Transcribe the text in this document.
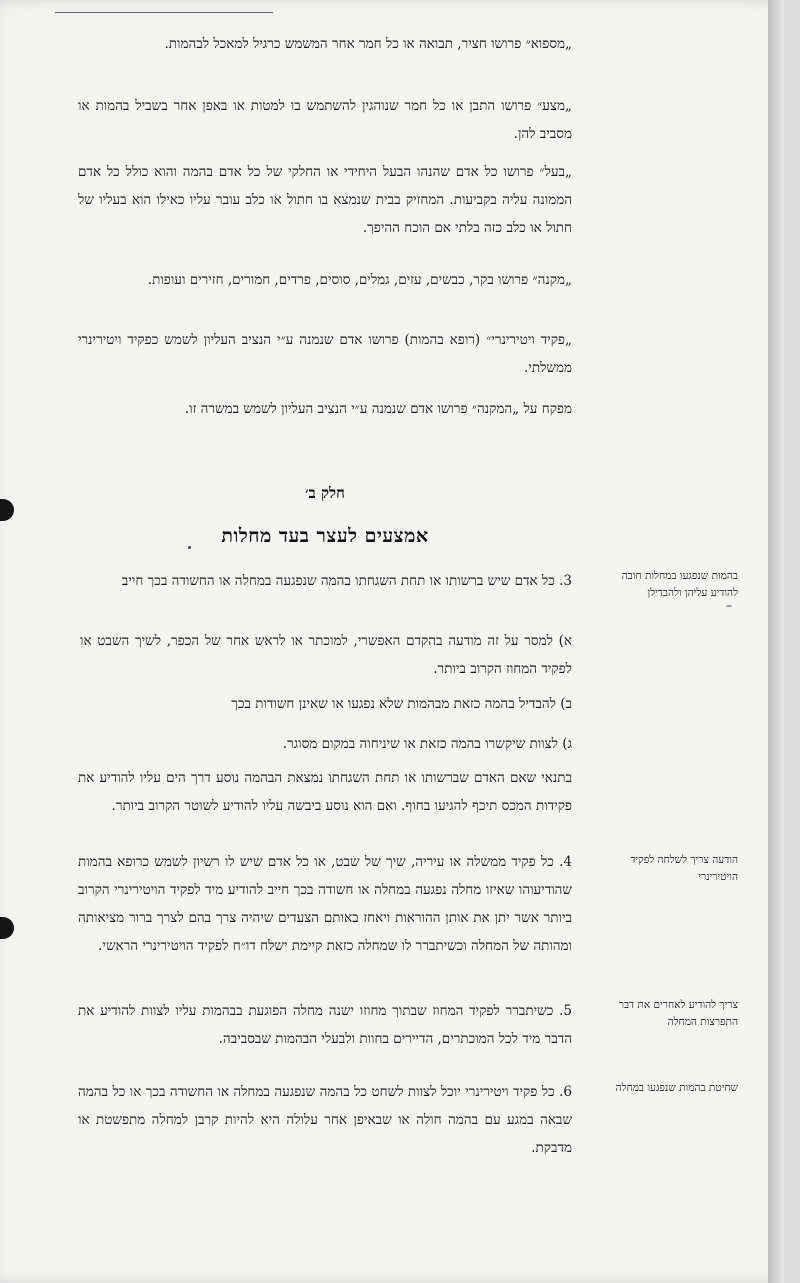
„מספוא״ פרושו חציר, תבואה או כל חמר אחר המשמש כרגיל למאכל לבהמות.
„מצע״ פרושו התבן או כל חמר שנוהגין להשתמש בו למטות או באפן אחר בשביל בהמות או מסביב להן.
„בעל״ פרושו כל אדם שהנהו הבעל היחידי או החלקי של כל אדם בהמה והוא כולל כל אדם הממונה עליה בקביעות. המחזיק בבית שנמצא בו חתול או כלב עובר עליו כאילו הוא בעליו של חתול או כלב כזה בלתי אם הוכח ההיפך.
„מקנה״ פרושו בקר, כבשים, עזים, גמלים, סוסים, פרדים, חמורים, חזירים ועופות.
„פקיד ויטירינרי״ (רופא בהמות) פרושו אדם שנמנה ע״י הנציב העליון לשמש כפקיד ויטירינרי ממשלתי.
מפקח על „המקנה״ פרושו אדם שנמנה ע״י הנציב העליון לשמש במשרה זו.
חלק ב׳
אמצעים לעצר בעד מחלות
בהמות שנפגעו במחלות חובה להודיע עליהן ולהבדילן
3. כל אדם שיש ברשותו או תחת השגחתו בהמה שנפגעה במחלה או החשודה בכך חייב
א) למסר על זה מודעה בהקדם האפשרי, למוכתר או לראש אחר של הכפר, לשיך השבט או לפקיד המחוז הקרוב ביותר.
ב) להבדיל בהמה כזאת מבהמות שלא נפגעו או שאינן חשודות בכך
ג) לצוות שיקשרו בהמה כזאת או שיניחוה במקום מסוגר.
בתנאי שאם האדם שברשותו או תחת השגחתו נמצאת הבהמה נוסע דרך הים עליו להודיע את פקידות המכס תיכף להגיעו בחוף. ואם הוא נוסע ביבשה עליו להודיע לשוטר הקרוב ביותר.
הודעה צריך לשלחה לפקיד הויטירינרי
4. כל פקיד ממשלה או עיריה, שיך של שבט, או כל אדם שיש לו רשיון לשמש כרופא בהמות שהודיעוהו שאיזו מחלה נפגעה במחלה או חשודה בכך חייב להודיע מיד לפקיד הויטירינרי הקרוב ביותר אשר יתן את אותן ההוראות ויאחז באותם הצעדים שיהיה צרך בהם לצרך ברור מציאותה ומהותה של המחלה וכשיתברר לו שמחלה כזאת קיימת ישלח דו״ח לפקיד הויטירינרי הראשי.
צריך להודיע לאחרים את דבר התפרצות המחלה
5. כשיתברר לפקיד המחוז שבתוך מחוזו ישנה מחלה הפוגעת בבהמות עליו לצוות להודיע את הדבר מיד לכל המוכתרים, הדיירים בחוות ולבעלי הבהמות שבסביבה.
שחיטת בהמות שנפגעו במחלה
6. כל פקיד ויטירינרי יוכל לצוות לשחט כל בהמה שנפגעה במחלה או החשודה בכך או כל בהמה שבאה במגע עם בהמה חולה או שבאיפן אחר עלולה היא להיות קרבן למחלה מתפשטת או מדבקת.
